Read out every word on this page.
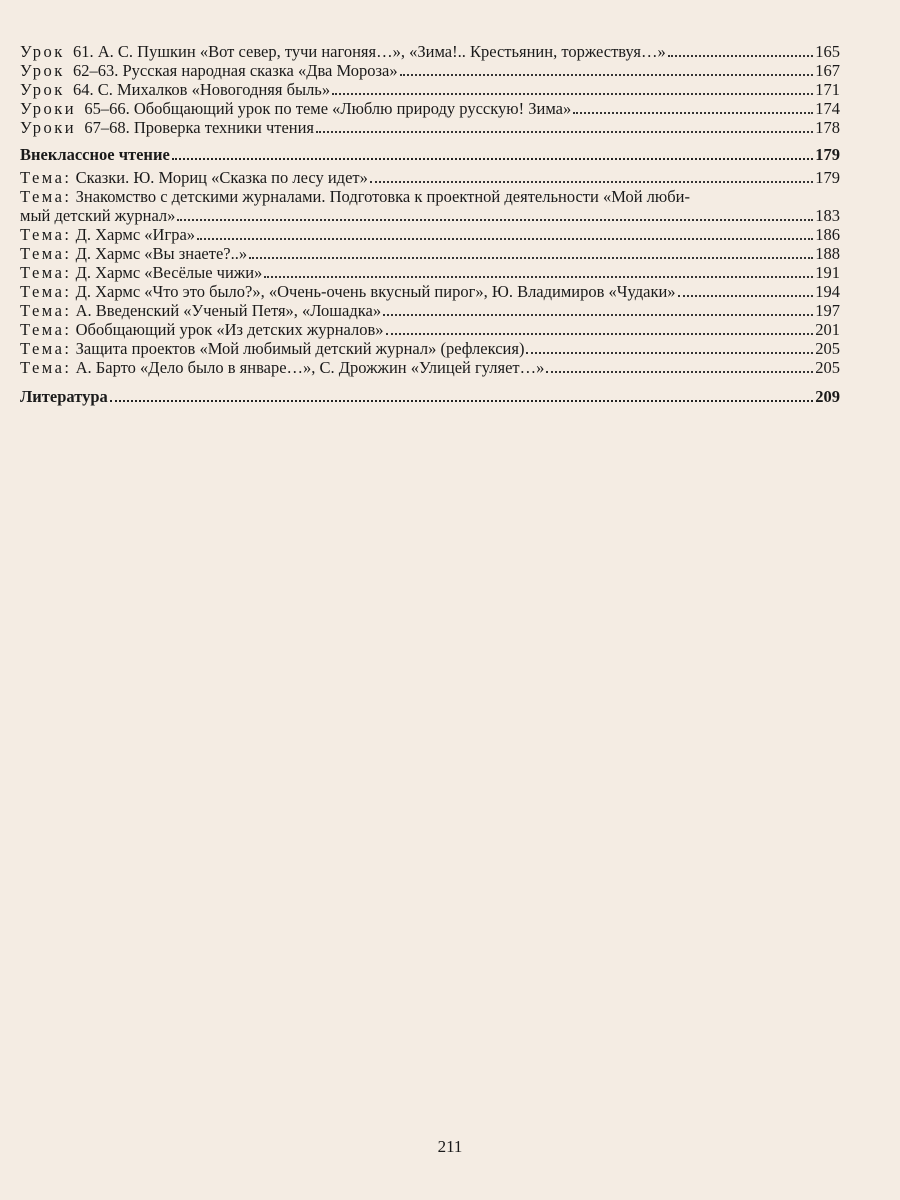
Урок 61. А. С. Пушкин «Вот север, тучи нагоняя…», «Зима!.. Крестьянин, торжествуя…»	165
Урок 62–63. Русская народная сказка «Два Мороза»	167
Урок 64. С. Михалков «Новогодняя быль»	171
Уроки 65–66. Обобщающий урок по теме «Люблю природу русскую! Зима»	174
Уроки 67–68. Проверка техники чтения	178
Внеклассное чтение	179
Тема: Сказки. Ю. Мориц «Сказка по лесу идет»	179
Тема: Знакомство с детскими журналами. Подготовка к проектной деятельности «Мой люби-
мый детский журнал»	183
Тема: Д. Хармс «Игра»	186
Тема: Д. Хармс «Вы знаете?..»	188
Тема: Д. Хармс «Весёлые чижи»	191
Тема: Д. Хармс «Что это было?», «Очень-очень вкусный пирог», Ю. Владимиров «Чудаки»	194
Тема: А. Введенский «Ученый Петя», «Лошадка»	197
Тема: Обобщающий урок «Из детских журналов»	201
Тема: Защита проектов «Мой любимый детский журнал» (рефлексия)	205
Тема: А. Барто «Дело было в январе…», С. Дрожжин «Улицей гуляет…»	205
Литература	209
211
